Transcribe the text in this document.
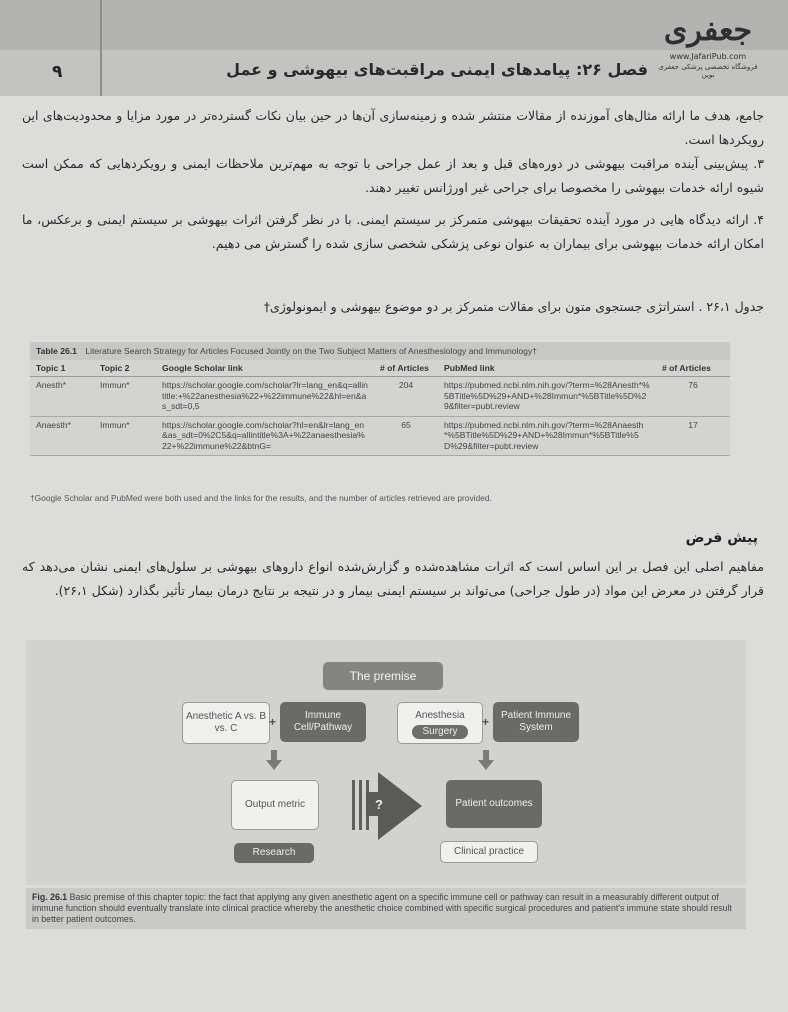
۹	فصل ۲۶: پیامدهای ایمنی مراقبت‌های بیهوشی و عمل
ﺟﻌﻔﺮﯼ
www.JafariPub.com
فروشگاه تخصصی پزشکی جعفری نوین
جامع، هدف ما ارائه مثال‌های آموزنده از مقالات منتشر شده و زمینه‌سازی آن‌ها در حین بیان نکات گسترده‌تر در مورد مزایا و محدودیت‌های این رویکردها است.
۳. پیش‌بینی آینده مراقبت بیهوشی در دوره‌های قبل و بعد از عمل جراحی با توجه به مهم‌ترین ملاحظات ایمنی و رویکردهایی که ممکن است شیوه ارائه خدمات بیهوشی را مخصوصا برای جراحی غیر اورژانس تغییر دهند.
۴. ارائه دیدگاه هایی در مورد آینده تحقیقات بیهوشی متمرکز بر سیستم ایمنی. با در نظر گرفتن اثرات بیهوشی بر سیستم ایمنی و برعکس، ما امکان ارائه خدمات بیهوشی برای بیماران به عنوان نوعی پزشکی شخصی سازی شده را گسترش می دهیم.
جدول ۲۶،۱ . استراتژی جستجوی متون برای مقالات متمرکز بر دو موضوع بیهوشی و ایمونولوژی†
Table 26.1 Literature Search Strategy for Articles Focused Jointly on the Two Subject Matters of Anesthesiology and Immunology†
Topic 1	Topic 2	Google Scholar link	# of Articles	PubMed link	# of Articles
Anesth*	Immun*	https://scholar.google.com/scholar?lr=lang_en&q=allintitle:+%22anesthesia%22+%22immune%22&hl=en&as_sdt=0,5	204	https://pubmed.ncbi.nlm.nih.gov/?term=%28Anesth*%5BTitle%5D%29+AND+%28Immun*%5BTitle%5D%29&filter=pubt.review	76
Anaesth*	Immun*	https://scholar.google.com/scholar?hl=en&lr=lang_en&as_sdt=0%2C5&q=allintitle%3A+%22anaesthesia%22+%22immune%22&btnG=	65	https://pubmed.ncbi.nlm.nih.gov/?term=%28Anaesth*%5BTitle%5D%29+AND+%28Immun*%5BTitle%5D%29&filter=pubt.review	17
†Google Scholar and PubMed were both used and the links for the results, and the number of articles retrieved are provided.
پیش فرض
مفاهیم اصلی این فصل بر این اساس است که اثرات مشاهده‌شده و گزارش‌شده انواع داروهای بیهوشی بر سلول‌های ایمنی نشان می‌دهد که قرار گرفتن در معرض این مواد (در طول جراحی) می‌تواند بر سیستم ایمنی بیمار و در نتیجه بر نتایج درمان بیمار تأثیر بگذارد (شکل ۲۶،۱).
The premise
Anesthetic A vs. B vs. C	+	Immune Cell/Pathway
Anesthesia
Surgery
+	Patient Immune System
Output metric	?	Patient outcomes
Research	Clinical practice
Fig. 26.1 Basic premise of this chapter topic: the fact that applying any given anesthetic agent on a specific immune cell or pathway can result in a measurably different output of immune function should eventually translate into clinical practice whereby the anesthetic choice combined with specific surgical procedures and patient's immune state should result in better patient outcomes.
